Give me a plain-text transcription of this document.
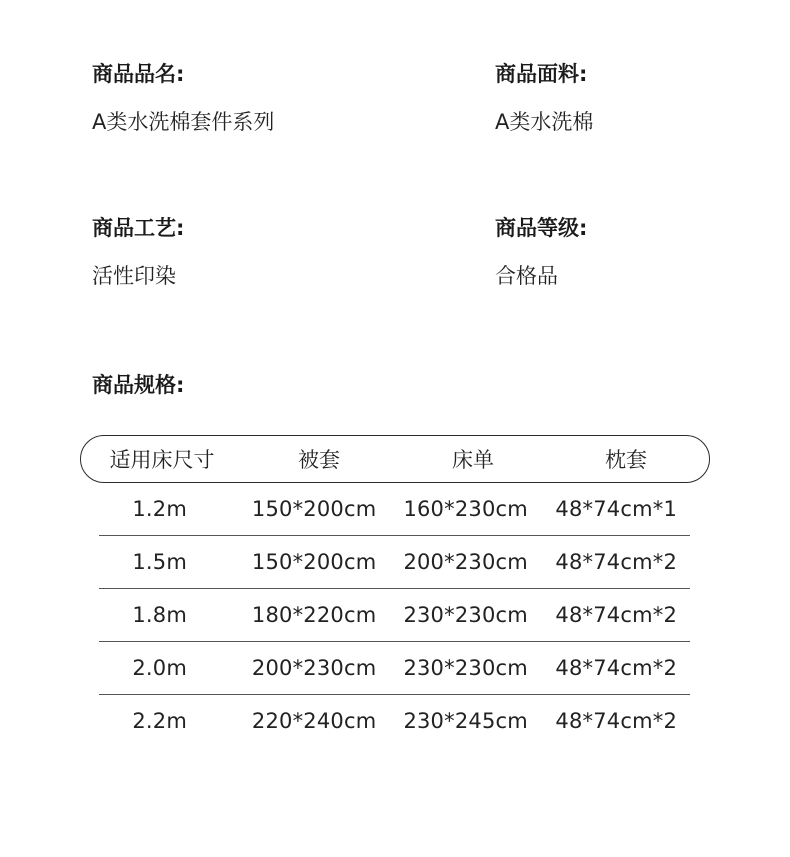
商品品名:
A类水洗棉套件系列
商品面料:
A类水洗棉
商品工艺:
活性印染
商品等级:
合格品
商品规格:
适用床尺寸	被套	床单	枕套
1.2m	150*200cm	160*230cm	48*74cm*1
1.5m	150*200cm	200*230cm	48*74cm*2
1.8m	180*220cm	230*230cm	48*74cm*2
2.0m	200*230cm	230*230cm	48*74cm*2
2.2m	220*240cm	230*245cm	48*74cm*2
